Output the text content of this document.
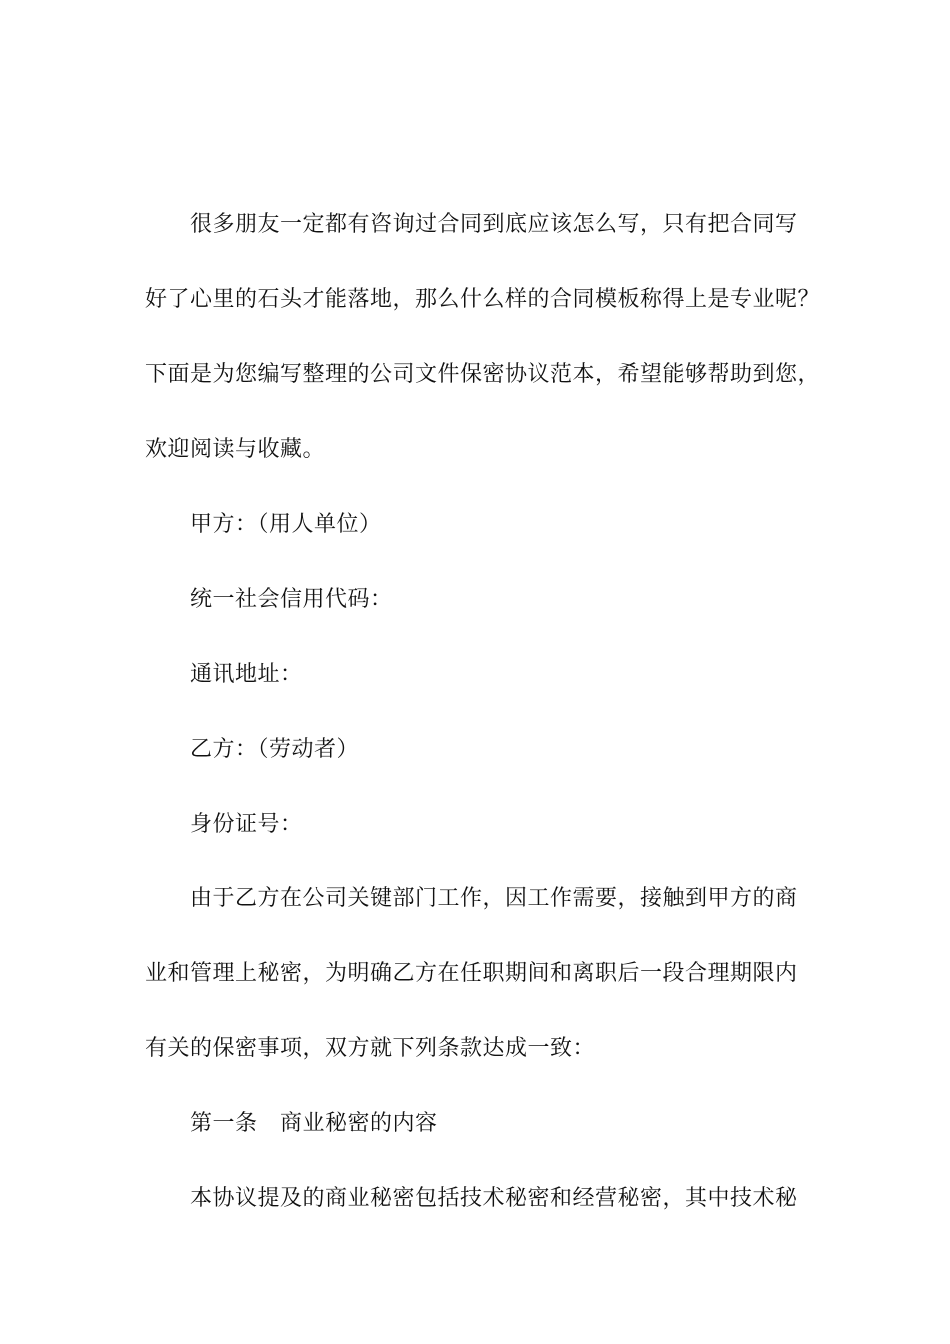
很多朋友一定都有咨询过合同到底应该怎么写，只有把合同写
好了心里的石头才能落地，那么什么样的合同模板称得上是专业呢？
下面是为您编写整理的公司文件保密协议范本，希望能够帮助到您，
欢迎阅读与收藏。
甲方：（用人单位）
统一社会信用代码：
通讯地址：
乙方：（劳动者）
身份证号：
由于乙方在公司关键部门工作，因工作需要，接触到甲方的商
业和管理上秘密，为明确乙方在任职期间和离职后一段合理期限内
有关的保密事项，双方就下列条款达成一致：
第一条　商业秘密的内容
本协议提及的商业秘密包括技术秘密和经营秘密，其中技术秘
